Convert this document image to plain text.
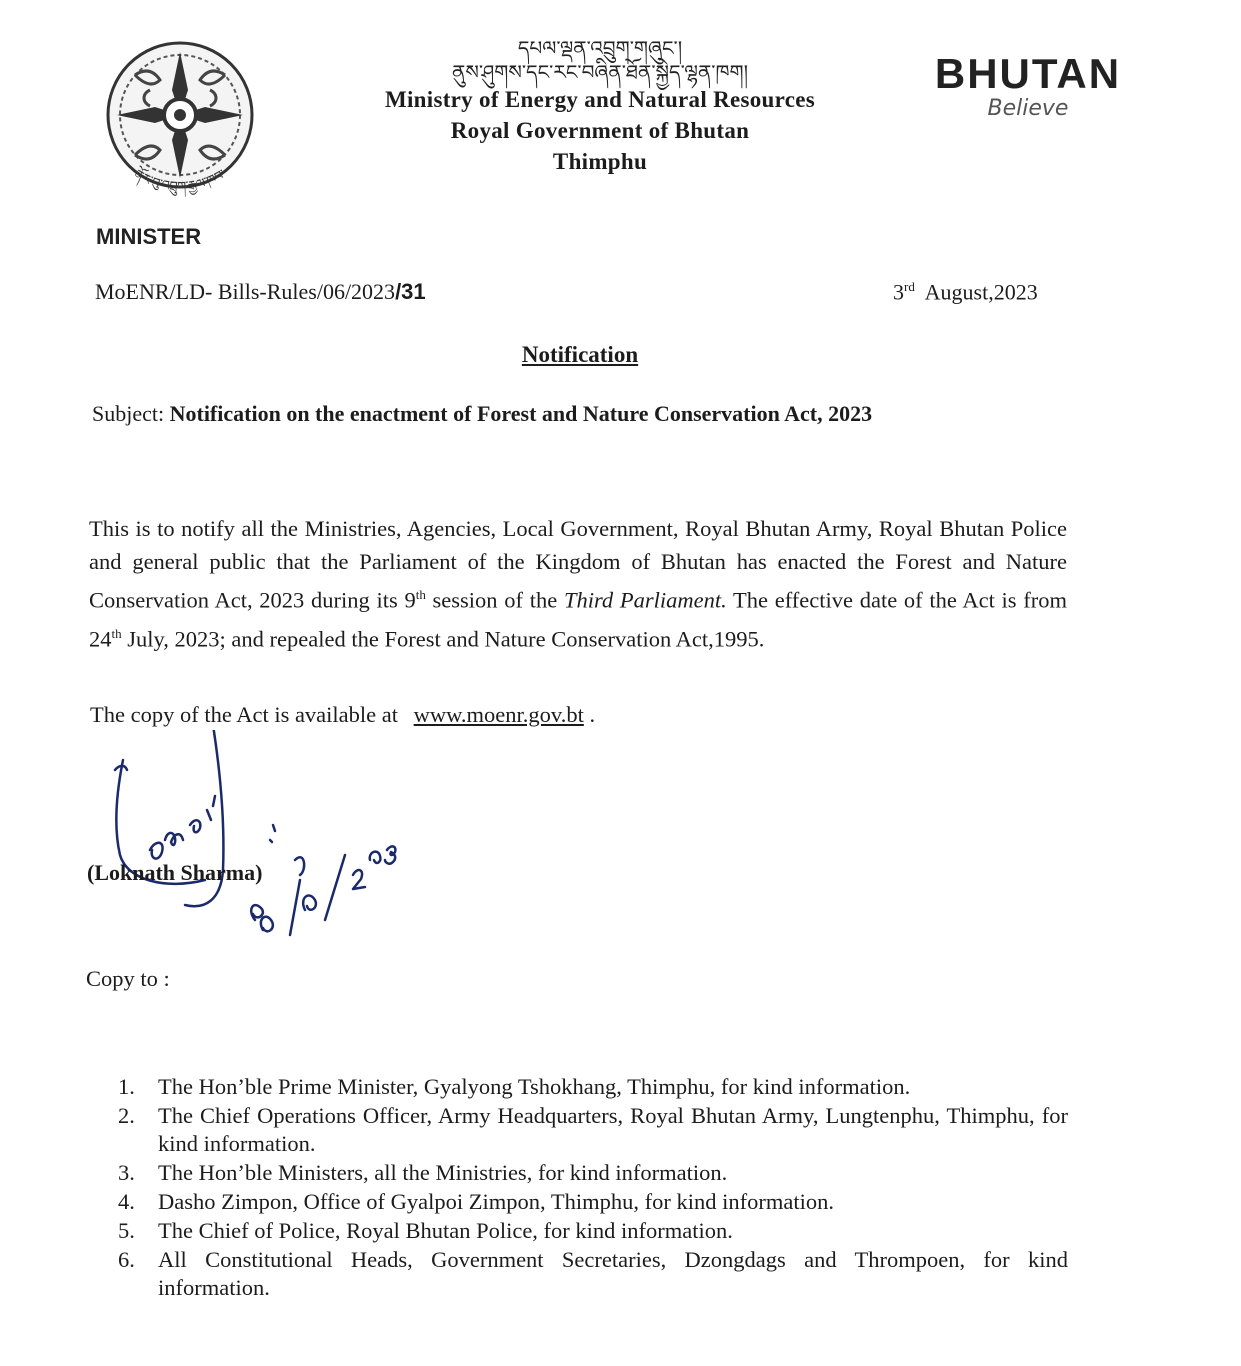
ནོར་བུ་འབྲུག་རྒྱལ་ཁབ་
MINISTER
དཔལ་ལྡན་འབྲུག་གཞུང་།
ནུས་ཤུགས་དང་རང་བཞིན་ཐོན་སྐྱེད་ལྷན་ཁག།
Ministry of Energy and Natural Resources
Royal Government of Bhutan
Thimphu
BHUTAN
Believe
MoENR/LD- Bills-Rules/06/2023/31	3rd August,2023
Notification
Subject: Notification on the enactment of Forest and Nature Conservation Act, 2023
This is to notify all the Ministries, Agencies, Local Government, Royal Bhutan Army, Royal Bhutan Police and general public that the Parliament of the Kingdom of Bhutan has enacted the Forest and Nature Conservation Act, 2023 during its 9th session of the Third Parliament. The effective date of the Act is from 24th July, 2023; and repealed the Forest and Nature Conservation Act,1995.
The copy of the Act is available at www.moenr.gov.bt .
(Loknath Sharma)
Copy to :
1.	The Hon’ble Prime Minister, Gyalyong Tshokhang, Thimphu, for kind information.
2.	The Chief Operations Officer, Army Headquarters, Royal Bhutan Army, Lungtenphu, Thimphu, for kind information.
3.	The Hon’ble Ministers, all the Ministries, for kind information.
4.	Dasho Zimpon, Office of Gyalpoi Zimpon, Thimphu, for kind information.
5.	The Chief of Police, Royal Bhutan Police, for kind information.
6.	All Constitutional Heads, Government Secretaries, Dzongdags and Thrompoen, for kind information.
